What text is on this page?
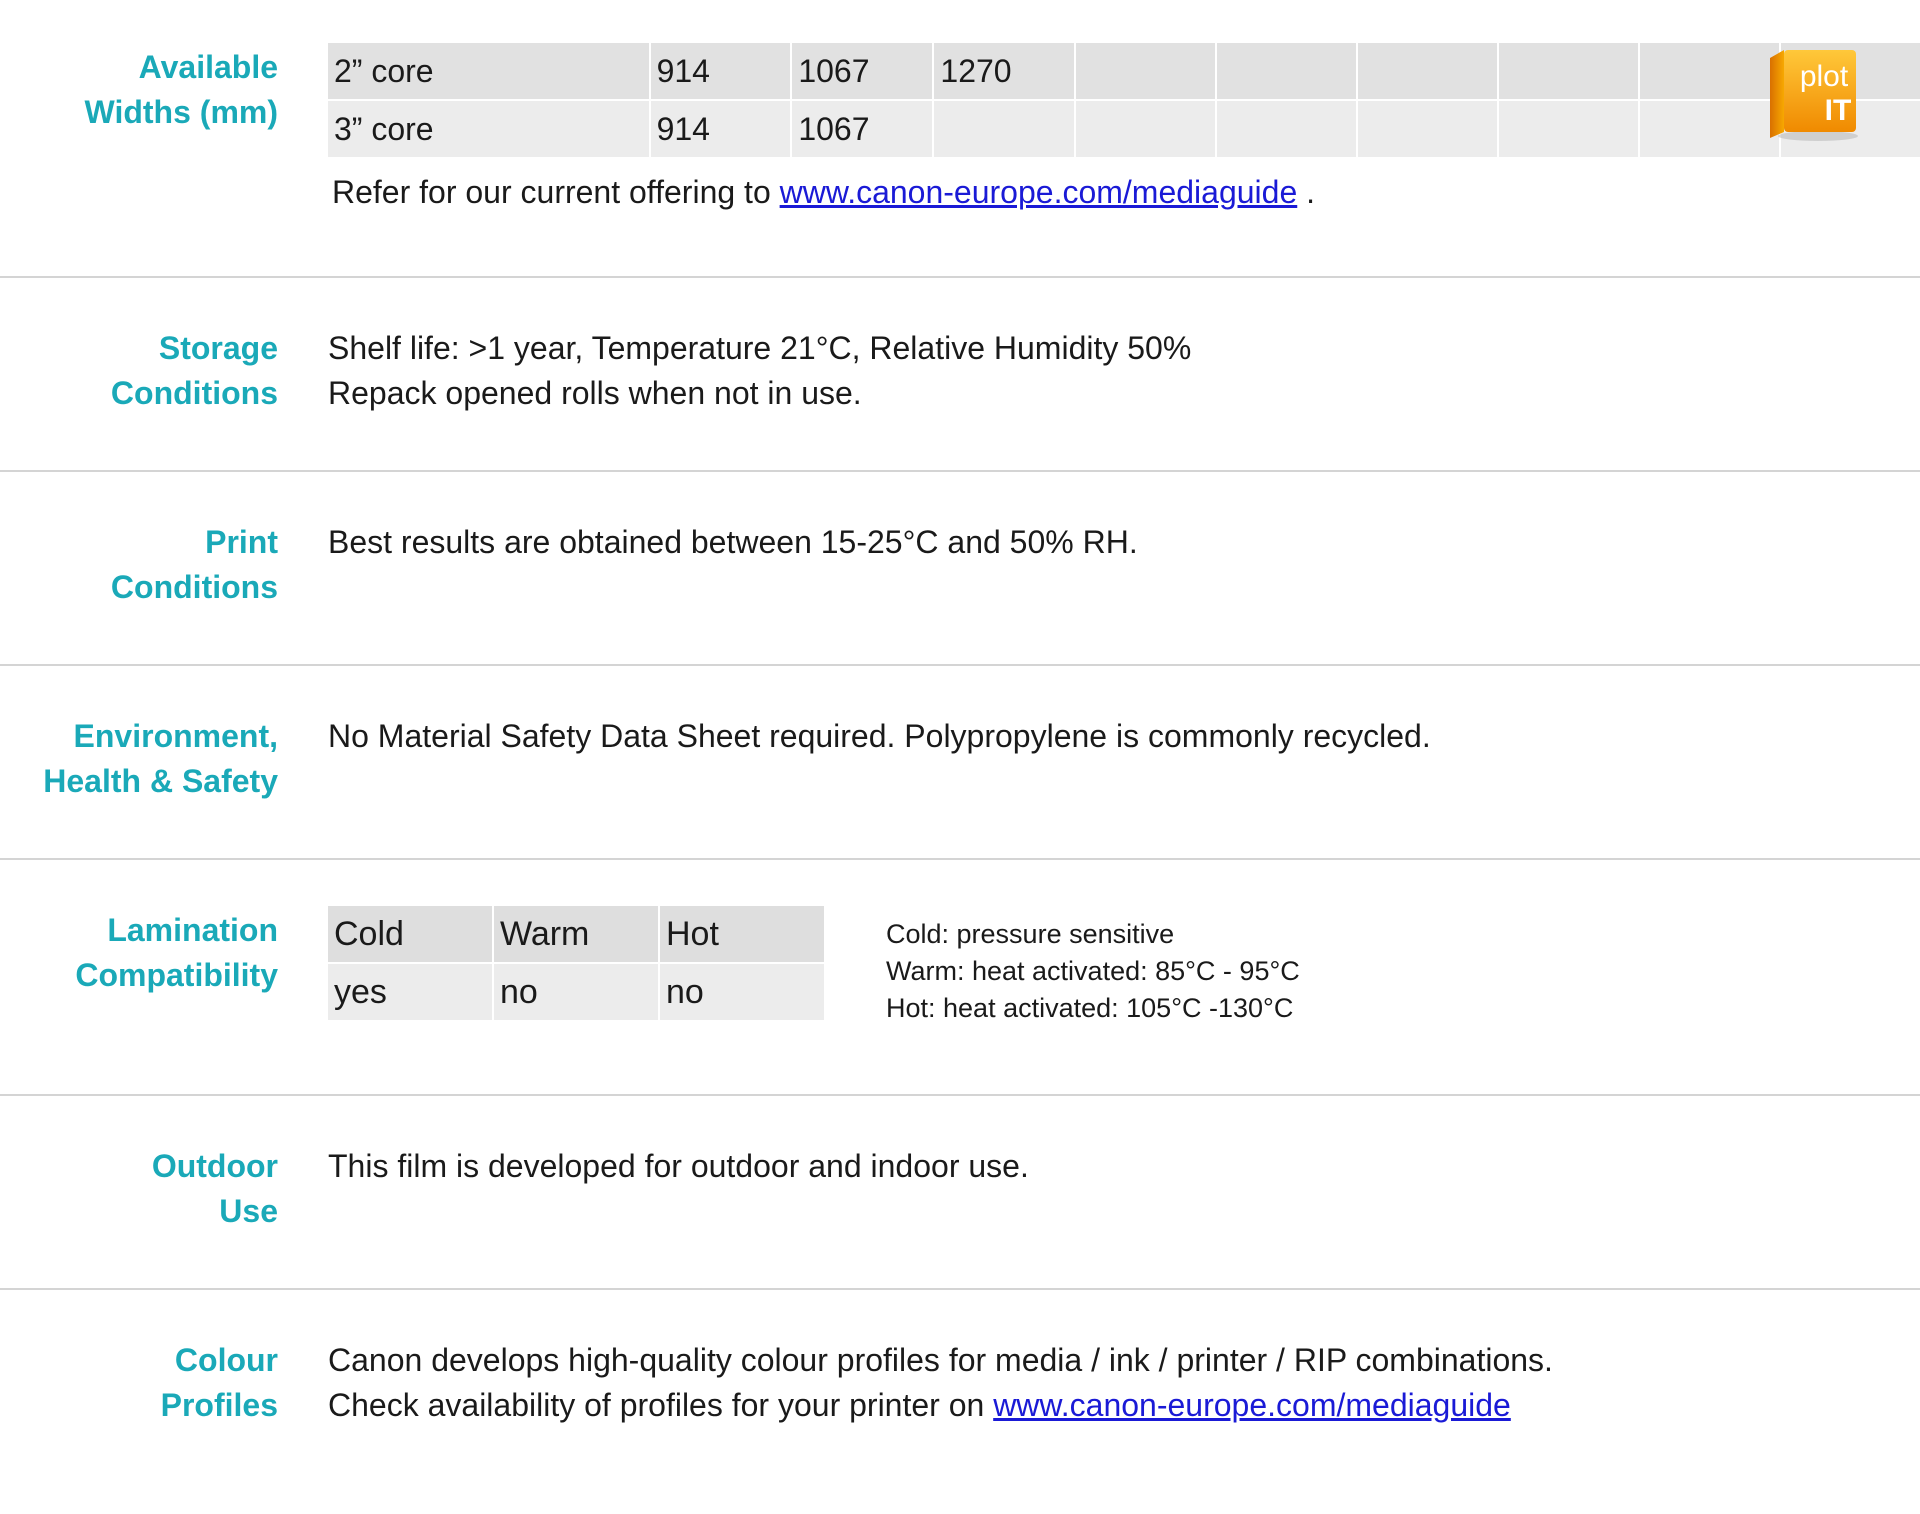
Available
Widths (mm)
2” core	914	1067	1270						
3” core	914	1067							
plot
IT
Refer for our current offering to www.canon-europe.com/mediaguide .
Storage
Conditions
Shelf life: >1 year, Temperature 21°C, Relative Humidity 50%
Repack opened rolls when not in use.
Print
Conditions
Best results are obtained between 15-25°C and 50% RH.
Environment,
Health & Safety
No Material Safety Data Sheet required. Polypropylene is commonly recycled.
Lamination
Compatibility
Cold	Warm	Hot
yes	no	no
Cold: pressure sensitive
Warm: heat activated: 85°C - 95°C
Hot: heat activated: 105°C -130°C
Outdoor
Use
This film is developed for outdoor and indoor use.
Colour
Profiles
Canon develops high-quality colour profiles for media / ink / printer / RIP combinations.
Check availability of profiles for your printer on www.canon-europe.com/mediaguide
